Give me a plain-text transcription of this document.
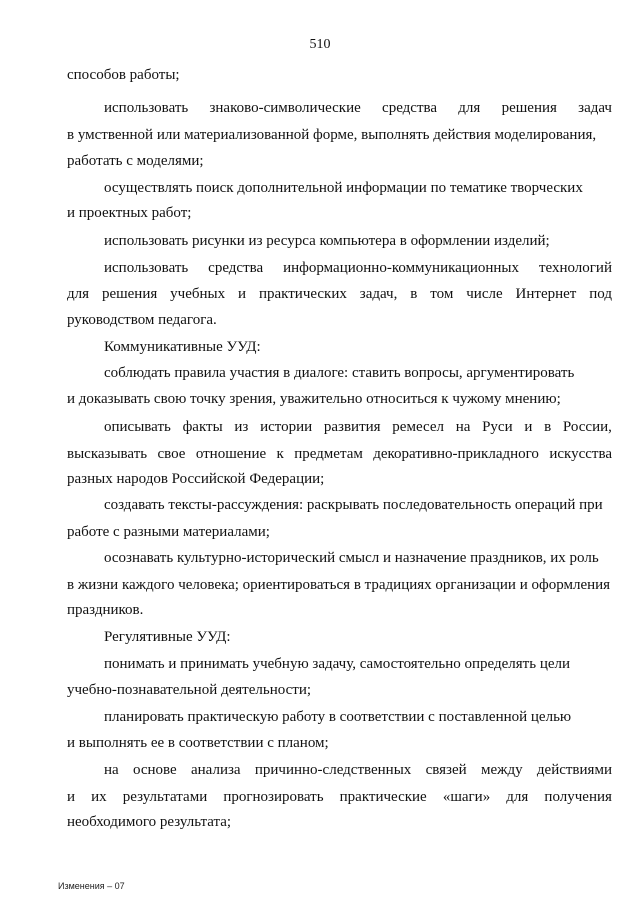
510
способов работы;
использовать знаково-символические средства для решения задач
в умственной или материализованной форме, выполнять действия моделирования,
работать с моделями;
осуществлять поиск дополнительной информации по тематике творческих
и проектных работ;
использовать рисунки из ресурса компьютера в оформлении изделий;
использовать средства информационно-коммуникационных технологий
для решения учебных и практических задач, в том числе Интернет под
руководством педагога.
Коммуникативные УУД:
соблюдать правила участия в диалоге: ставить вопросы, аргументировать
и доказывать свою точку зрения, уважительно относиться к чужому мнению;
описывать факты из истории развития ремесел на Руси и в России,
высказывать свое отношение к предметам декоративно-прикладного искусства
разных народов Российской Федерации;
создавать тексты-рассуждения: раскрывать последовательность операций при
работе с разными материалами;
осознавать культурно-исторический смысл и назначение праздников, их роль
в жизни каждого человека; ориентироваться в традициях организации и оформления
праздников.
Регулятивные УУД:
понимать и принимать учебную задачу, самостоятельно определять цели
учебно-познавательной деятельности;
планировать практическую работу в соответствии с поставленной целью
и выполнять ее в соответствии с планом;
на основе анализа причинно-следственных связей между действиями
и их результатами прогнозировать практические «шаги» для получения
необходимого результата;
Изменения – 07
